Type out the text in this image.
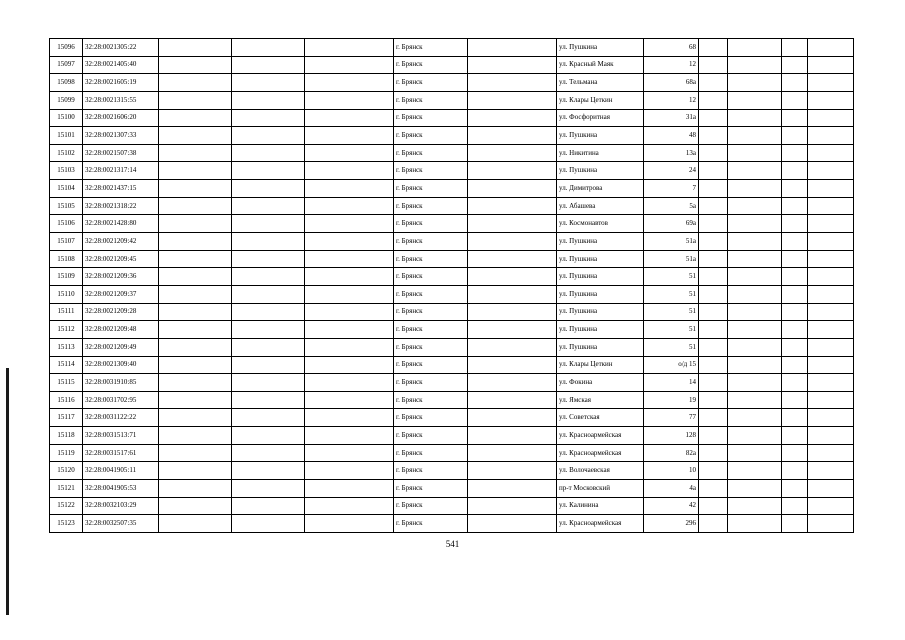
15096	32:28:0021305:22				г. Брянск		ул. Пушкина	68				
15097	32:28:0021405:40				г. Брянск		ул. Красный Маяк	12				
15098	32:28:0021605:19				г. Брянск		ул. Тельмана	68а				
15099	32:28:0021315:55				г. Брянск		ул. Клары Цеткин	12				
15100	32:28:0021606:20				г. Брянск		ул. Фосфоритная	31а				
15101	32:28:0021307:33				г. Брянск		ул. Пушкина	48				
15102	32:28:0021507:38				г. Брянск		ул. Никитина	13а				
15103	32:28:0021317:14				г. Брянск		ул. Пушкина	24				
15104	32:28:0021437:15				г. Брянск		ул. Димитрова	7				
15105	32:28:0021318:22				г. Брянск		ул. Абашева	5а				
15106	32:28:0021428:80				г. Брянск		ул. Космонавтов	69а				
15107	32:28:0021209:42				г. Брянск		ул. Пушкина	51а				
15108	32:28:0021209:45				г. Брянск		ул. Пушкина	51а				
15109	32:28:0021209:36				г. Брянск		ул. Пушкина	51				
15110	32:28:0021209:37				г. Брянск		ул. Пушкина	51				
15111	32:28:0021209:28				г. Брянск		ул. Пушкина	51				
15112	32:28:0021209:48				г. Брянск		ул. Пушкина	51				
15113	32:28:0021209:49				г. Брянск		ул. Пушкина	51				
15114	32:28:0021309:40				г. Брянск		ул. Клары Цеткин	о/д 15				
15115	32:28:0031910:85				г. Брянск		ул. Фокина	14				
15116	32:28:0031702:95				г. Брянск		ул. Ямская	19				
15117	32:28:0031122:22				г. Брянск		ул. Советская	77				
15118	32:28:0031513:71				г. Брянск		ул. Красноармейская	128				
15119	32:28:0031517:61				г. Брянск		ул. Красноармейская	82а				
15120	32:28:0041905:11				г. Брянск		ул. Волочаевская	10				
15121	32:28:0041905:53				г. Брянск		пр-т Московский	4а				
15122	32:28:0032103:29				г. Брянск		ул. Калинина	42				
15123	32:28:0032507:35				г. Брянск		ул. Красноармейская	296				
541
